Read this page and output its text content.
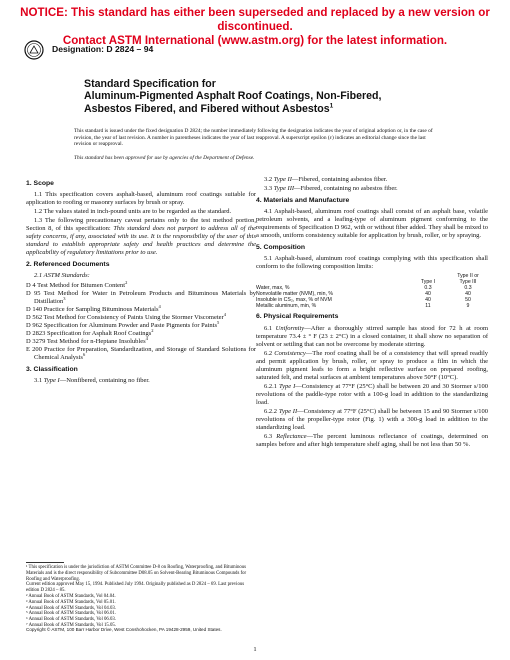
NOTICE: This standard has either been superseded and replaced by a new version or discontinued.
Contact ASTM International (www.astm.org) for the latest information.
Designation: D 2824 – 94
Standard Specification for
Aluminum-Pigmented Asphalt Roof Coatings, Non-Fibered,
Asbestos Fibered, and Fibered without Asbestos$^1$
This standard is issued under the fixed designation D 2824; the number immediately following the designation indicates the year of original adoption or, in the case of revision, the year of last revision. A number in parentheses indicates the year of last reapproval. A superscript epsilon (ε) indicates an editorial change since the last revision or reapproval.
This standard has been approved for use by agencies of the Department of Defense.
1. Scope

1.1 This specification covers asphalt-based, aluminum roof coatings suitable for application to roofing or masonry surfaces by brush or spray.

1.2 The values stated in inch-pound units are to be regarded as the standard.

1.3 The following precautionary caveat pertains only to the test method portion, Section 8, of this specification: This standard does not purport to address all of the safety concerns, if any, associated with its use. It is the responsibility of the user of this standard to establish appropriate safety and health practices and determine the applicability of regulatory limitations prior to use.

2. Referenced Documents

2.1 ASTM Standards:

D 4 Test Method for Bitumen Content$^2$

D 95 Test Method for Water in Petroleum Products and Bituminous Materials by Distillation$^3$

D 140 Practice for Sampling Bituminous Materials$^4$

D 562 Test Method for Consistency of Paints Using the Stormer Viscometer$^4$

D 962 Specification for Aluminum Powder and Paste Pigments for Paints$^5$

D 2823 Specification for Asphalt Roof Coatings$^2$

D 3279 Test Method for n-Heptane Insolubles$^4$

E 200 Practice for Preparation, Standardization, and Storage of Standard Solutions for Chemical Analysis$^6$

3. Classification

3.1 Type I—Nonfibered, containing no fiber.

¹ This specification is under the jurisdiction of ASTM Committee D-8 on Roofing, Waterproofing, and Bituminous Materials and is the direct responsibility of Subcommittee D08.05 on Solvent-Bearing Bituminous Compounds for Roofing and Waterproofing.
Current edition approved May 15, 1994. Published July 1994. Originally published as D 2824 – 69. Last previous edition D 2824 – 85.
² Annual Book of ASTM Standards, Vol 04.04.
³ Annual Book of ASTM Standards, Vol 05.01.
⁴ Annual Book of ASTM Standards, Vol 04.03.
⁵ Annual Book of ASTM Standards, Vol 06.01.
⁶ Annual Book of ASTM Standards, Vol 06.03.
⁷ Annual Book of ASTM Standards, Vol 15.05.

3.2 Type II—Fibered, containing asbestos fiber.

3.3 Type III—Fibered, containing no asbestos fiber.

4. Materials and Manufacture

4.1 Asphalt-based, aluminum roof coatings shall consist of an asphalt base, volatile petroleum solvents, and a leafing-type of aluminum pigment conforming to the requirements of Specification D 962, with or without fiber added. They shall be mixed to a smooth, uniform consistency suitable for application by brush, roller, or by spraying.

5. Composition

5.1 Asphalt-based, aluminum roof coatings complying with this specification shall conform to the following composition limits:

	Type I	Type II or
Type III

Water, max, %	0.3	0.3
Nonvolatile matter (NVM), min, %	40	40
Insoluble in CS₂, max, % of NVM	40	50
Metallic aluminum, min, %	11	9
6. Physical Requirements

6.1 Uniformity—After a thoroughly stirred sample has stood for 72 h at room temperature 73.4 ± ° F (23 ± 2°C) in a closed container, it shall show no separation of solvent or settling that can not be overcome by moderate stirring.

6.2 Consistency—The roof coating shall be of a consistency that will spread readily and permit application by brush, roller, or spray to produce a film in which the aluminum pigment leafs to form a bright reflective surface on prepared roofing, saturated felt, and metal surfaces at ambient temperatures above 50°F (10°C).

6.2.1 Type I—Consistency at 77°F (25°C) shall be between 20 and 30 Stormer s/100 revolutions of the paddle-type rotor with a 100-g load in addition to the standardizing load.

6.2.2 Type II—Consistency at 77°F (25°C) shall be between 15 and 90 Stormer s/100 revolutions of the propeller-type rotor (Fig. 1) with a 300-g load in addition to the standardizing load.

6.3 Reflectance—The percent luminous reflectance of coatings, determined on samples before and after high temperature shelf aging, shall be not less than 50 %.

Copyright © ASTM, 100 Barr Harbor Drive, West Conshohocken, PA 19428-2959, United States.
1
